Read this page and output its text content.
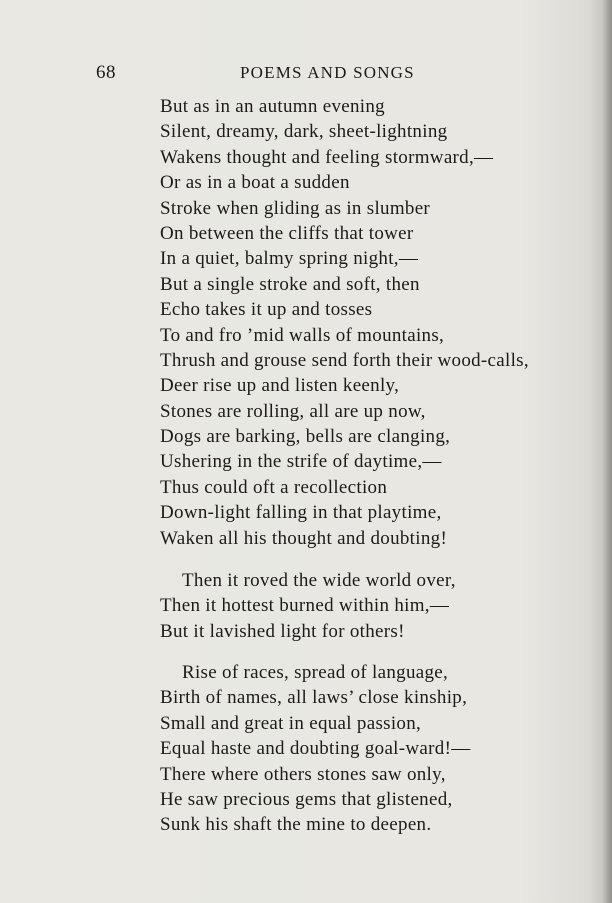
68	POEMS AND SONGS
But as in an autumn evening
Silent, dreamy, dark, sheet-lightning
Wakens thought and feeling stormward,—
Or as in a boat a sudden
Stroke when gliding as in slumber
On between the cliffs that tower
In a quiet, balmy spring night,—
But a single stroke and soft, then
Echo takes it up and tosses
To and fro ’mid walls of mountains,
Thrush and grouse send forth their wood-calls,
Deer rise up and listen keenly,
Stones are rolling, all are up now,
Dogs are barking, bells are clanging,
Ushering in the strife of daytime,—
Thus could oft a recollection
Down-light falling in that playtime,
Waken all his thought and doubting!
Then it roved the wide world over,
Then it hottest burned within him,—
But it lavished light for others!
Rise of races, spread of language,
Birth of names, all laws’ close kinship,
Small and great in equal passion,
Equal haste and doubting goal-ward!—
There where others stones saw only,
He saw precious gems that glistened,
Sunk his shaft the mine to deepen.
